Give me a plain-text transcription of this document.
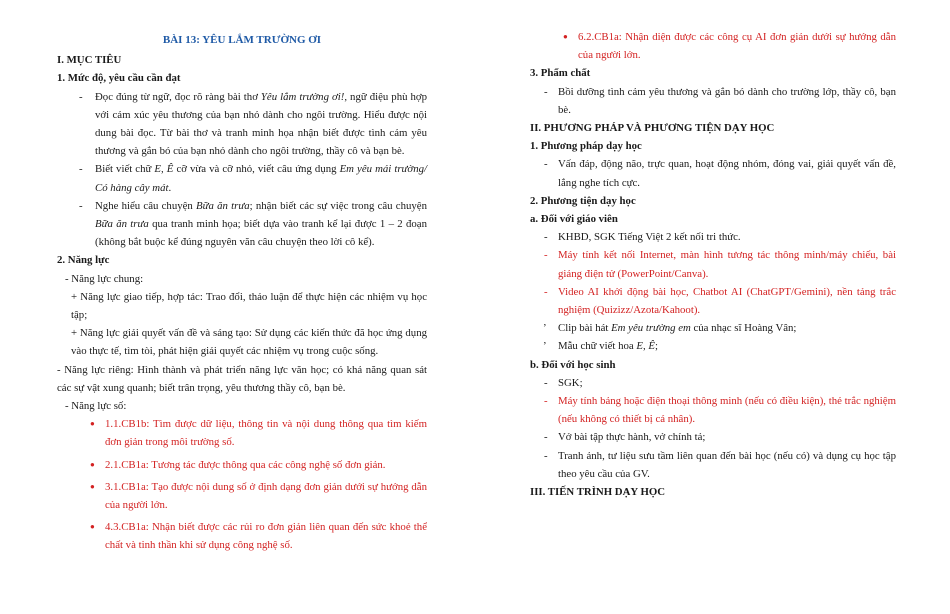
BÀI 13: YÊU LẮM TRƯỜNG ƠI
I. MỤC TIÊU
1. Mức độ, yêu cầu cần đạt

- Đọc đúng từ ngữ, đọc rõ ràng bài thơ Yêu lắm trường ơi!, ngữ điệu phù hợp với cảm xúc yêu thương của bạn nhỏ dành cho ngôi trường. Hiểu được nội dung bài đọc. Từ bài thơ và tranh minh họa nhận biết được tình cảm yêu thương và gắn bó của bạn nhỏ dành cho ngôi trường, thầy cô và bạn bè.

- Biết viết chữ E, Ê cỡ vừa và cỡ nhỏ, viết câu ứng dụng Em yêu mái trường/ Có hàng cây mát.

- Nghe hiểu câu chuyện Bữa ăn trưa; nhận biết các sự việc trong câu chuyện Bữa ăn trưa qua tranh minh họa; biết dựa vào tranh kể lại được 1 – 2 đoạn (không bắt buộc kể đúng nguyên văn câu chuyện theo lời cô kể).

2. Năng lực

- Năng lực chung:

+ Năng lực giao tiếp, hợp tác: Trao đổi, thảo luận để thực hiện các nhiệm vụ học tập;

+ Năng lực giải quyết vấn đề và sáng tạo: Sử dụng các kiến thức đã học ứng dụng vào thực tế, tìm tòi, phát hiện giải quyết các nhiệm vụ trong cuộc sống.

- Năng lực riêng: Hình thành và phát triển năng lực văn học; có khả năng quan sát các sự vật xung quanh; biết trân trọng, yêu thương thầy cô, bạn bè.

- Năng lực số:

● 1.1.CB1b: Tìm được dữ liệu, thông tin và nội dung thông qua tìm kiếm đơn giản trong môi trường số.

● 2.1.CB1a: Tương tác được thông qua các công nghệ số đơn giản.

● 3.1.CB1a: Tạo được nội dung số ở định dạng đơn giản dưới sự hướng dẫn của người lớn.

● 4.3.CB1a: Nhận biết được các rủi ro đơn giản liên quan đến sức khoẻ thể chất và tinh thần khi sử dụng công nghệ số.

● 6.2.CB1a: Nhận diện được các công cụ AI đơn giản dưới sự hướng dẫn của người lớn.

3. Phẩm chất

- Bồi dưỡng tình cảm yêu thương và gắn bó dành cho trường lớp, thầy cô, bạn bè.

II. PHƯƠNG PHÁP VÀ PHƯƠNG TIỆN DẠY HỌC
1. Phương pháp dạy học

- Vấn đáp, động não, trực quan, hoạt động nhóm, đóng vai, giải quyết vấn đề, lắng nghe tích cực.

2. Phương tiện dạy học
a. Đối với giáo viên

- KHBD, SGK Tiếng Việt 2 kết nối tri thức.

- Máy tính kết nối Internet, màn hình tương tác thông minh/máy chiếu, bài giảng điện tử (PowerPoint/Canva).

- Video AI khởi động bài học, Chatbot AI (ChatGPT/Gemini), nền tảng trắc nghiệm (Quizizz/Azota/Kahoot).

’ Clip bài hát Em yêu trường em của nhạc sĩ Hoàng Vân;

’ Mẫu chữ viết hoa E, Ê;

b. Đối với học sinh

- SGK;

- Máy tính bảng hoặc điện thoại thông minh (nếu có điều kiện), thẻ trắc nghiệm (nếu không có thiết bị cá nhân).

- Vở bài tập thực hành, vở chính tả;

- Tranh ảnh, tư liệu sưu tầm liên quan đến bài học (nếu có) và dụng cụ học tập theo yêu cầu của GV.

III. TIẾN TRÌNH DẠY HỌC
